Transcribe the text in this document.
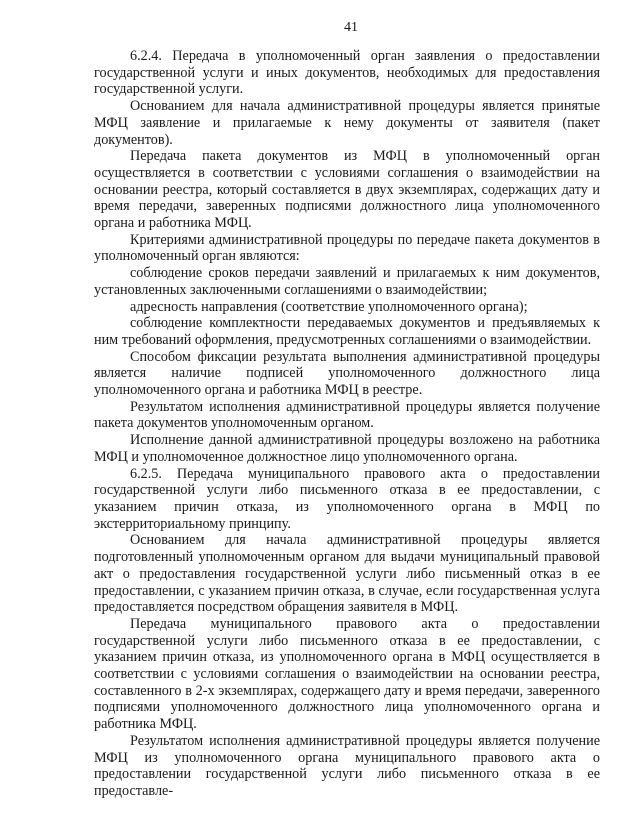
41

6.2.4. Передача в уполномоченный орган заявления о предоставлении государственной услуги и иных документов, необходимых для предоставления государственной услуги.

Основанием для начала административной процедуры является принятые МФЦ заявление и прилагаемые к нему документы от заявителя (пакет документов).

Передача пакета документов из МФЦ в уполномоченный орган осуществляется в соответствии с условиями соглашения о взаимодействии на основании реестра, который составляется в двух экземплярах, содержащих дату и время передачи, заверенных подписями должностного лица уполномоченного органа и работника МФЦ.

Критериями административной процедуры по передаче пакета документов в уполномоченный орган являются:

соблюдение сроков передачи заявлений и прилагаемых к ним документов, установленных заключенными соглашениями о взаимодействии;

адресность направления (соответствие уполномоченного органа);

соблюдение комплектности передаваемых документов и предъявляемых к ним требований оформления, предусмотренных соглашениями о взаимодействии.

Способом фиксации результата выполнения административной процедуры является наличие подписей уполномоченного должностного лица уполномоченного органа и работника МФЦ в реестре.

Результатом исполнения административной процедуры является получение пакета документов уполномоченным органом.

Исполнение данной административной процедуры возложено на работника МФЦ и уполномоченное должностное лицо уполномоченного органа.

6.2.5. Передача муниципального правового акта о предоставлении государственной услуги либо письменного отказа в ее предоставлении, с указанием причин отказа, из уполномоченного органа в МФЦ по экстерриториальному принципу.

Основанием для начала административной процедуры является подготовленный уполномоченным органом для выдачи муниципальный правовой акт о предоставления государственной услуги либо письменный отказ в ее предоставлении, с указанием причин отказа, в случае, если государственная услуга предоставляется посредством обращения заявителя в МФЦ.

Передача муниципального правового акта о предоставлении государственной услуги либо письменного отказа в ее предоставлении, с указанием причин отказа, из уполномоченного органа в МФЦ осуществляется в соответствии с условиями соглашения о взаимодействии на основании реестра, составленного в 2-х экземплярах, содержащего дату и время передачи, заверенного подписями уполномоченного должностного лица уполномоченного органа и работника МФЦ.

Результатом исполнения административной процедуры является получение МФЦ из уполномоченного органа муниципального правового акта о предоставлении государственной услуги либо письменного отказа в ее предоставле-
